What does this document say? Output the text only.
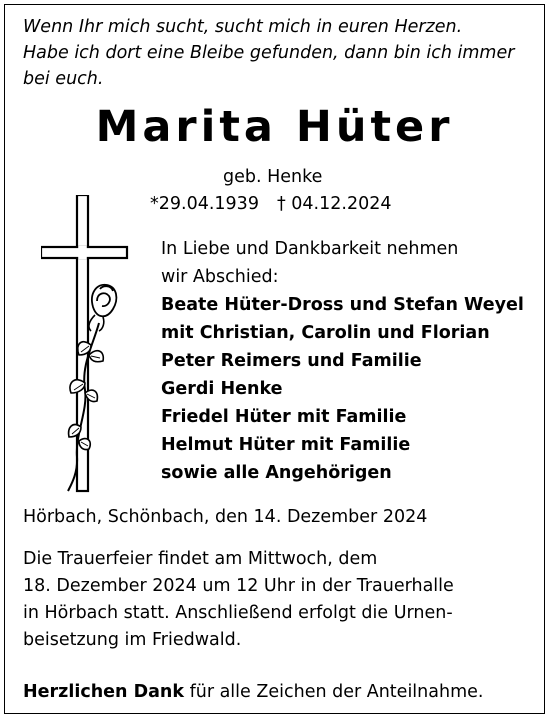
Wenn Ihr mich sucht, sucht mich in euren Herzen.
Habe ich dort eine Bleibe gefunden, dann bin ich immer
bei euch.
Marita Hüter
geb. Henke
*29.04.1939 † 04.12.2024
In Liebe und Dankbarkeit nehmen
wir Abschied:
Beate Hüter-Dross und Stefan Weyel
mit Christian, Carolin und Florian
Peter Reimers und Familie
Gerdi Henke
Friedel Hüter mit Familie
Helmut Hüter mit Familie
sowie alle Angehörigen
Hörbach, Schönbach, den 14. Dezember 2024
Die Trauerfeier findet am Mittwoch, dem
18. Dezember 2024 um 12 Uhr in der Trauerhalle
in Hörbach statt. Anschließend erfolgt die Urnen-
beisetzung im Friedwald.
Herzlichen Dank für alle Zeichen der Anteilnahme.
